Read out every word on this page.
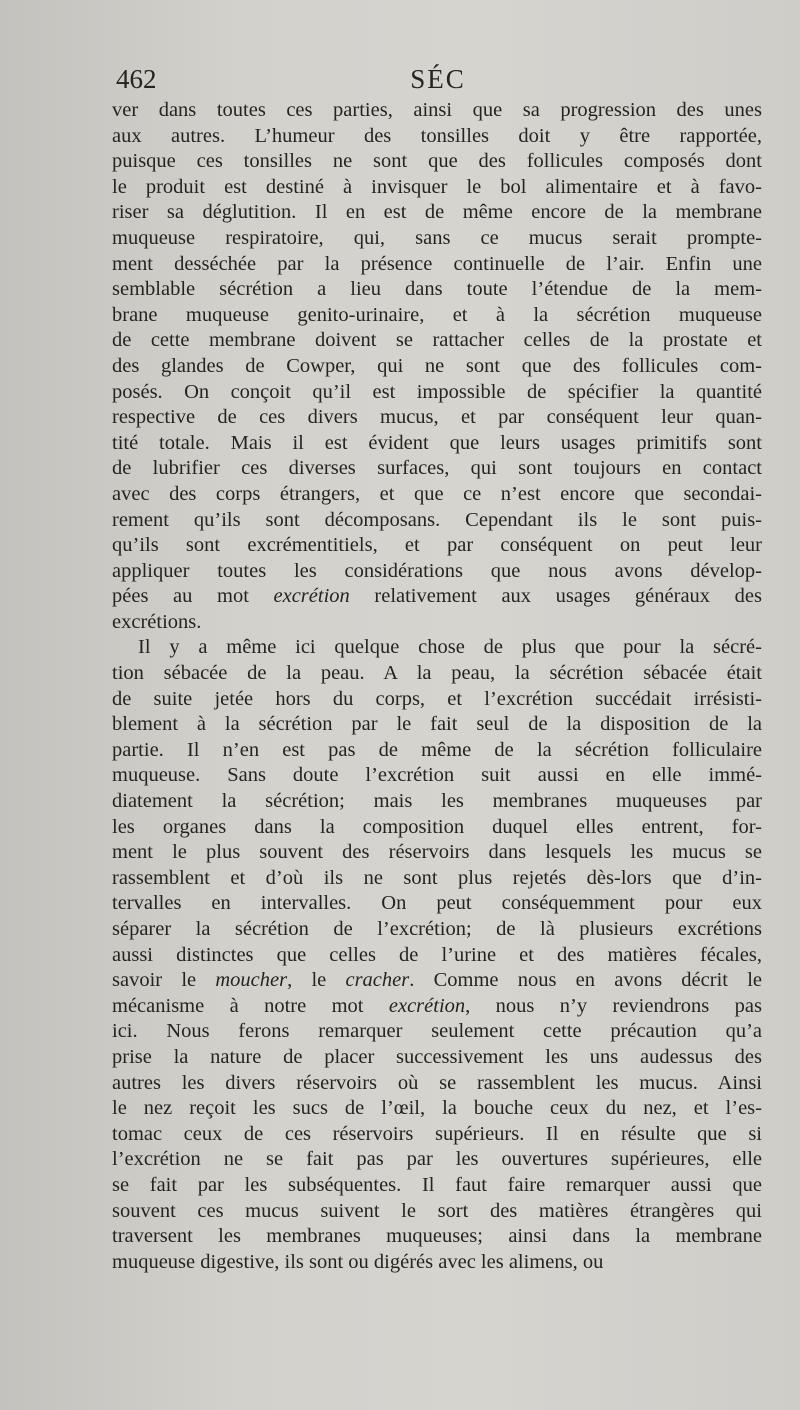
462	SÉC
ver dans toutes ces parties, ainsi que sa progression des unes
aux autres. L’humeur des tonsilles doit y être rapportée,
puisque ces tonsilles ne sont que des follicules composés dont
le produit est destiné à invisquer le bol alimentaire et à favo-
riser sa déglutition. Il en est de même encore de la membrane
muqueuse respiratoire, qui, sans ce mucus serait prompte-
ment desséchée par la présence continuelle de l’air. Enfin une
semblable sécrétion a lieu dans toute l’étendue de la mem-
brane muqueuse genito-urinaire, et à la sécrétion muqueuse
de cette membrane doivent se rattacher celles de la prostate et
des glandes de Cowper, qui ne sont que des follicules com-
posés. On conçoit qu’il est impossible de spécifier la quantité
respective de ces divers mucus, et par conséquent leur quan-
tité totale. Mais il est évident que leurs usages primitifs sont
de lubrifier ces diverses surfaces, qui sont toujours en contact
avec des corps étrangers, et que ce n’est encore que secondai-
rement qu’ils sont décomposans. Cependant ils le sont puis-
qu’ils sont excrémentitiels, et par conséquent on peut leur
appliquer toutes les considérations que nous avons dévelop-
pées au mot excrétion relativement aux usages généraux des
excrétions.
Il y a même ici quelque chose de plus que pour la sécré-
tion sébacée de la peau. A la peau, la sécrétion sébacée était
de suite jetée hors du corps, et l’excrétion succédait irrésisti-
blement à la sécrétion par le fait seul de la disposition de la
partie. Il n’en est pas de même de la sécrétion folliculaire
muqueuse. Sans doute l’excrétion suit aussi en elle immé-
diatement la sécrétion; mais les membranes muqueuses par
les organes dans la composition duquel elles entrent, for-
ment le plus souvent des réservoirs dans lesquels les mucus se
rassemblent et d’où ils ne sont plus rejetés dès-lors que d’in-
tervalles en intervalles. On peut conséquemment pour eux
séparer la sécrétion de l’excrétion; de là plusieurs excrétions
aussi distinctes que celles de l’urine et des matières fécales,
savoir le moucher, le cracher. Comme nous en avons décrit le
mécanisme à notre mot excrétion, nous n’y reviendrons pas
ici. Nous ferons remarquer seulement cette précaution qu’a
prise la nature de placer successivement les uns audessus des
autres les divers réservoirs où se rassemblent les mucus. Ainsi
le nez reçoit les sucs de l’œil, la bouche ceux du nez, et l’es-
tomac ceux de ces réservoirs supérieurs. Il en résulte que si
l’excrétion ne se fait pas par les ouvertures supérieures, elle
se fait par les subséquentes. Il faut faire remarquer aussi que
souvent ces mucus suivent le sort des matières étrangères qui
traversent les membranes muqueuses; ainsi dans la membrane
muqueuse digestive, ils sont ou digérés avec les alimens, ou
